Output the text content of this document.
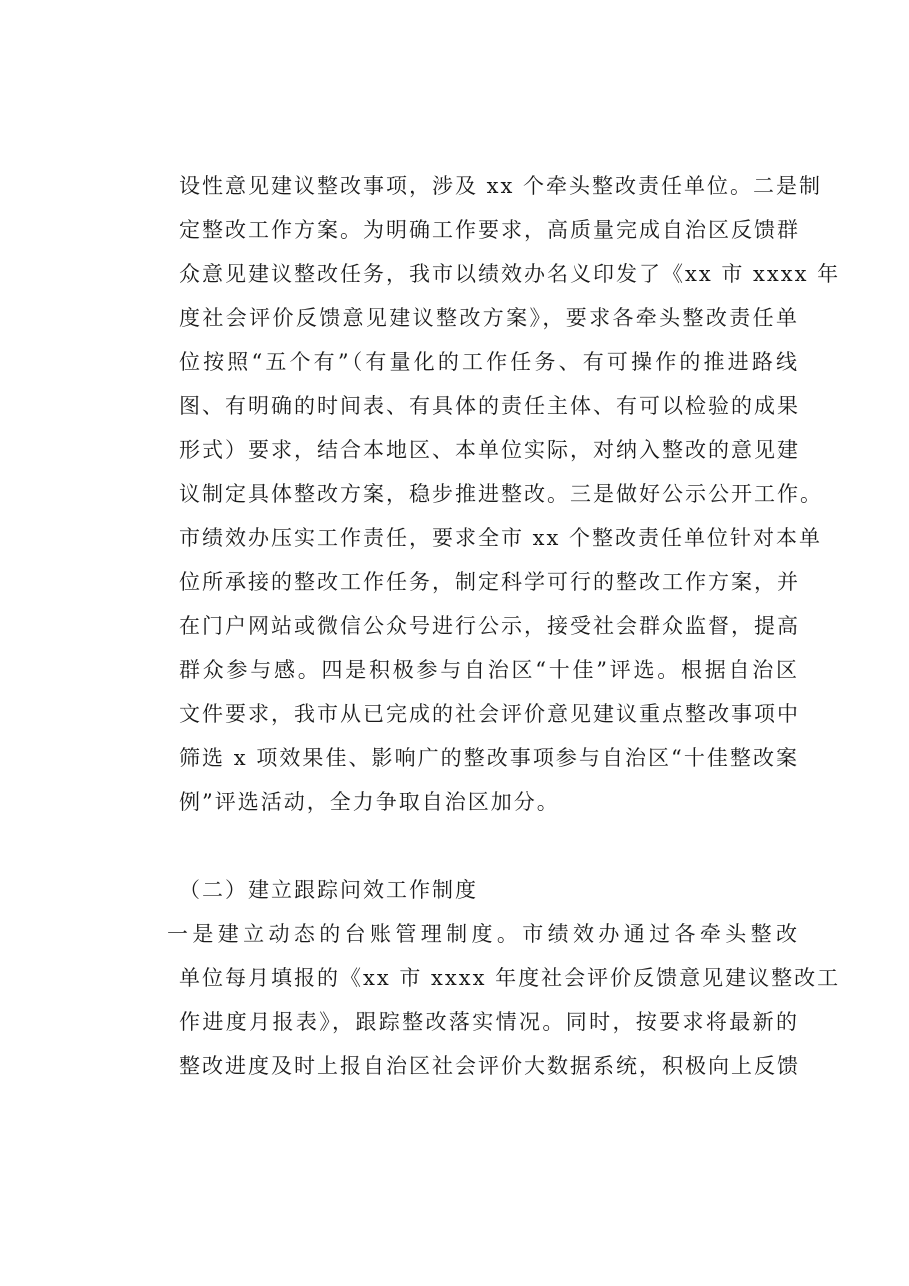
设性意见建议整改事项，涉及 xx 个牵头整改责任单位。二是制
定整改工作方案。为明确工作要求，高质量完成自治区反馈群
众意见建议整改任务，我市以绩效办名义印发了《xx 市 xxxx 年
度社会评价反馈意见建议整改方案》，要求各牵头整改责任单
位按照“五个有”（有量化的工作任务、有可操作的推进路线
图、有明确的时间表、有具体的责任主体、有可以检验的成果
形式）要求，结合本地区、本单位实际，对纳入整改的意见建
议制定具体整改方案，稳步推进整改。三是做好公示公开工作。
市绩效办压实工作责任，要求全市 xx 个整改责任单位针对本单
位所承接的整改工作任务，制定科学可行的整改工作方案，并
在门户网站或微信公众号进行公示，接受社会群众监督，提高
群众参与感。四是积极参与自治区“十佳”评选。根据自治区
文件要求，我市从已完成的社会评价意见建议重点整改事项中
筛选 x 项效果佳、影响广的整改事项参与自治区“十佳整改案
例”评选活动，全力争取自治区加分。
（二）建立跟踪问效工作制度
一是建立动态的台账管理制度。市绩效办通过各牵头整改
单位每月填报的《xx 市 xxxx 年度社会评价反馈意见建议整改工
作进度月报表》，跟踪整改落实情况。同时，按要求将最新的
整改进度及时上报自治区社会评价大数据系统，积极向上反馈
